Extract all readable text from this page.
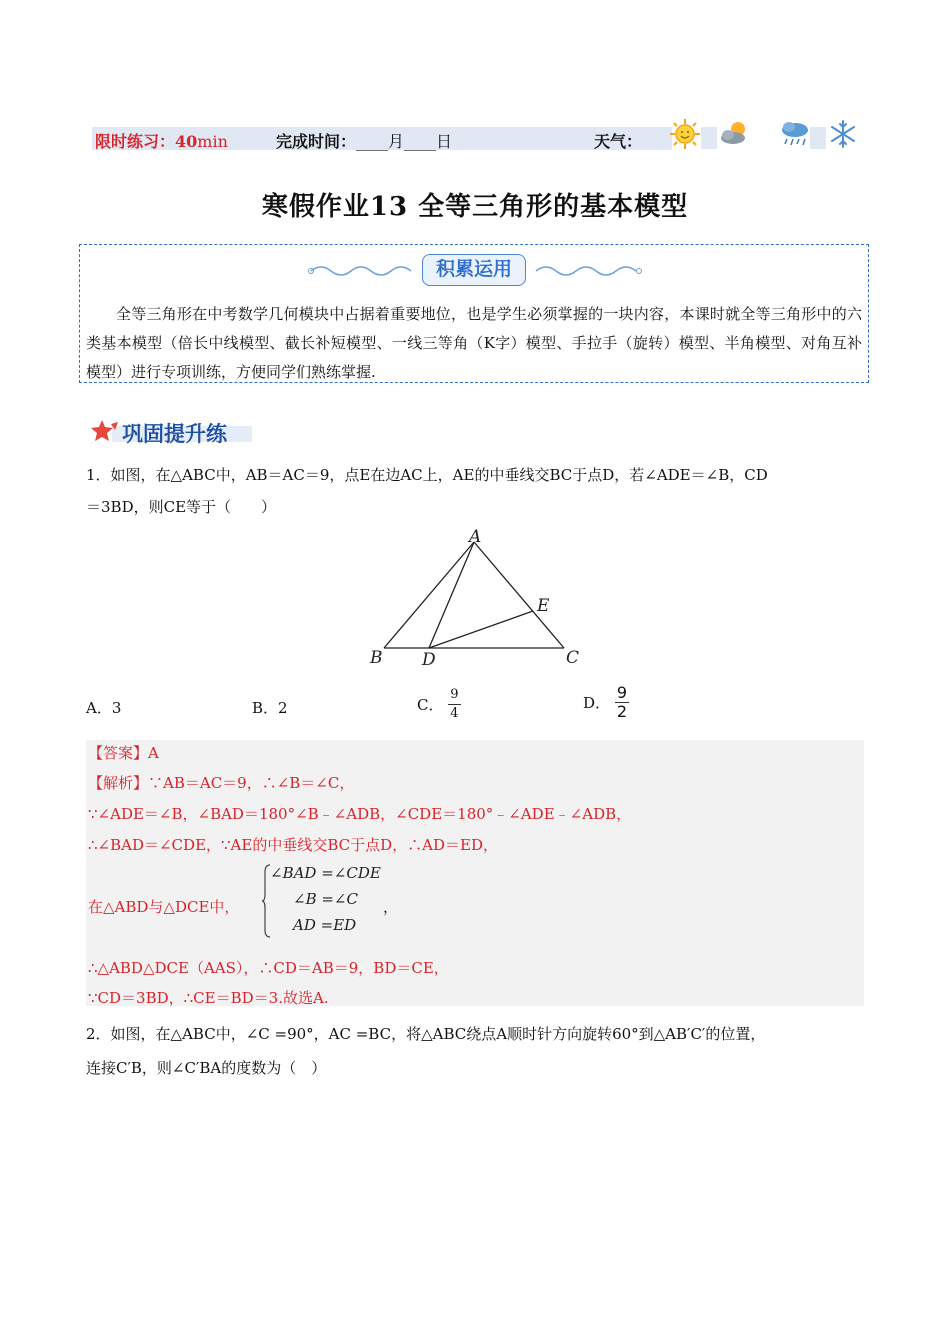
限时练习：40min	完成时间：____月____日	天气：
寒假作业13 全等三角形的基本模型
积累运用
全等三角形在中考数学几何模块中占据着重要地位，也是学生必须掌握的一块内容，本课时就全等三角形中的六类基本模型（倍长中线模型、截长补短模型、一线三等角（K字）模型、手拉手（旋转）模型、半角模型、对角互补模型）进行专项训练，方便同学们熟练掌握.
巩固提升练
1．如图，在△ABC中，AB＝AC＝9，点E在边AC上，AE的中垂线交BC于点D，若∠ADE＝∠B，CD
＝3BD，则CE等于（　　）
A
B D	C
E
A．3	B．2	C． $\frac{9}{4}$	D． $\frac{9}{2}$
【答案】A
【解析】∵AB＝AC＝9，∴∠B＝∠C，
∵∠ADE＝∠B，∠BAD＝180°∠B﹣∠ADB，∠CDE＝180°﹣∠ADE﹣∠ADB，
∴∠BAD＝∠CDE，∵AE的中垂线交BC于点D，∴AD＝ED，
在△ABD与△DCE中，
∠BAD =∠CDE
∠B =∠C
AD =ED
，
∴△ABD△DCE（AAS），∴CD＝AB＝9，BD＝CE，
∵CD＝3BD，∴CE＝BD＝3.故选A.
2．如图，在△ABC中，∠C =90°，AC =BC，将△ABC绕点A顺时针方向旋转60°到△AB′C′的位置，
连接C′B，则∠C′BA的度数为（　）
